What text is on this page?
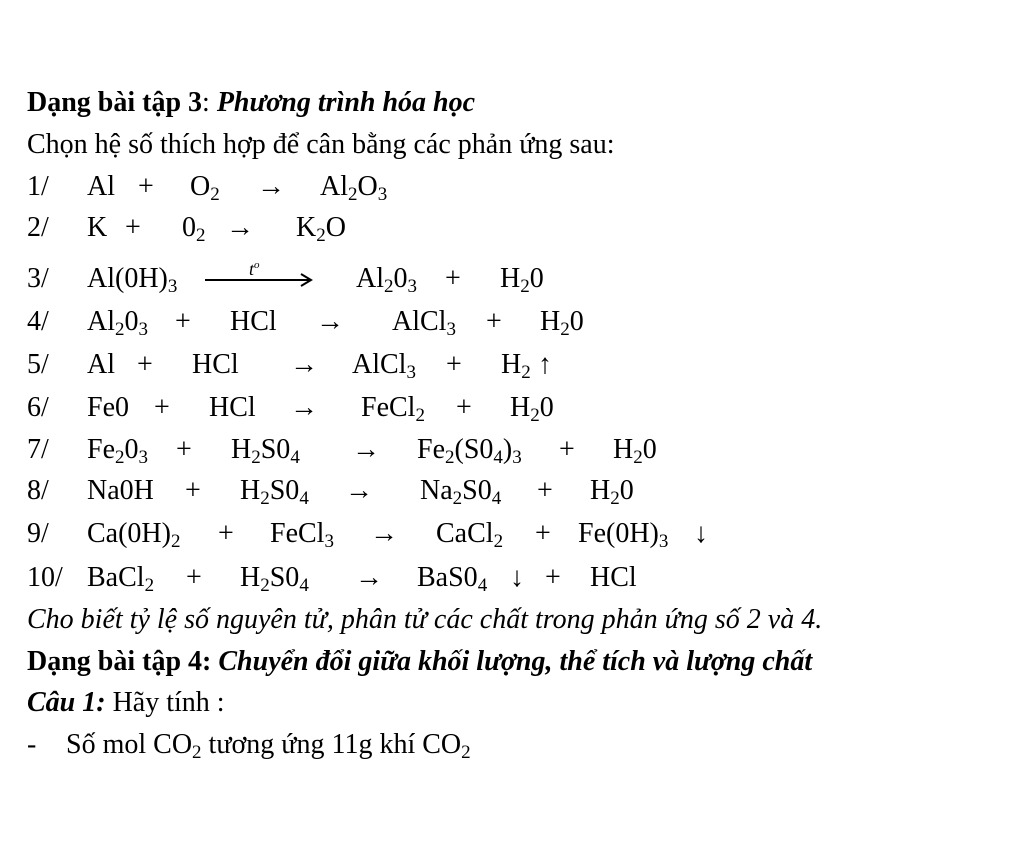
Dạng bài tập 3: Phương trình hóa học
Chọn hệ số thích hợp để cân bằng các phản ứng sau:
1/ $Al + O_2 \to Al_2O_3$
2/ $K + 0_2 \to K_2O$
3/ $Al(0H)_3$
$t^o$	$Al_20_3 + H_20$
4/ $Al_20_3$ + HCl → AlCl$_3$ + $H_20$
5/ Al + HCl → AlCl$_3$ + $H_2$ ↑
6/ Fe0 + HCl → FeCl$_2$ + $H_20$
7/ $Fe_20_3 + H_2S0_4 \to Fe_2(S0_4)_3 + H_20$
8/ $Na0H + H_2S0_4 \to Na_2S0_4 + H_20$
9/ $Ca(0H)_2$ + FeCl$_3$ → CaCl$_2$ + $Fe(0H)_3$ ↓
10/ BaCl$_2$ + $H_2S0_4 \to BaS0_4$ ↓ + HCl
Cho biết tỷ lệ số nguyên tử, phân tử các chất trong phản ứng số 2 và 4.
Dạng bài tập 4: Chuyển đổi giữa khối lượng, thể tích và lượng chất
Câu 1: Hãy tính :
- Số mol $CO_2$ tương ứng 11g khí $CO_2$
